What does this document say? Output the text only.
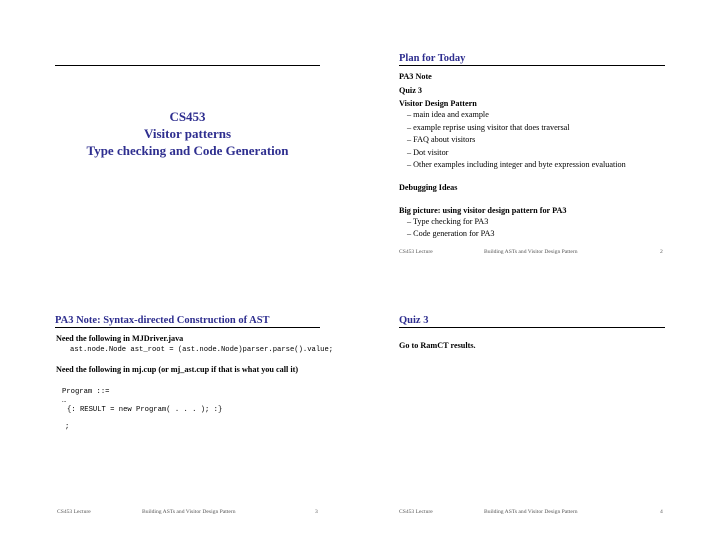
CS453
Visitor patterns
Type checking and Code Generation
Plan for Today
PA3 Note
Quiz 3
Visitor Design Pattern
– main idea and example
– example reprise using visitor that does traversal
– FAQ about visitors
– Dot visitor
– Other examples including integer and byte expression evaluation
Debugging Ideas
Big picture: using visitor design pattern for PA3
– Type checking for PA3
– Code generation for PA3
CS453 Lecture	Building ASTs and Visitor Design Pattern	2
PA3 Note: Syntax-directed Construction of AST
Need the following in MJDriver.java
ast.node.Node ast_root = (ast.node.Node)parser.parse().value;
Need the following in mj.cup (or mj_ast.cup if that is what you call it)
Program ::=
…
{: RESULT = new Program( . . . ); :}
;
CS453 Lecture	Building ASTs and Visitor Design Pattern	3
Quiz 3
Go to RamCT results.
CS453 Lecture	Building ASTs and Visitor Design Pattern	4
